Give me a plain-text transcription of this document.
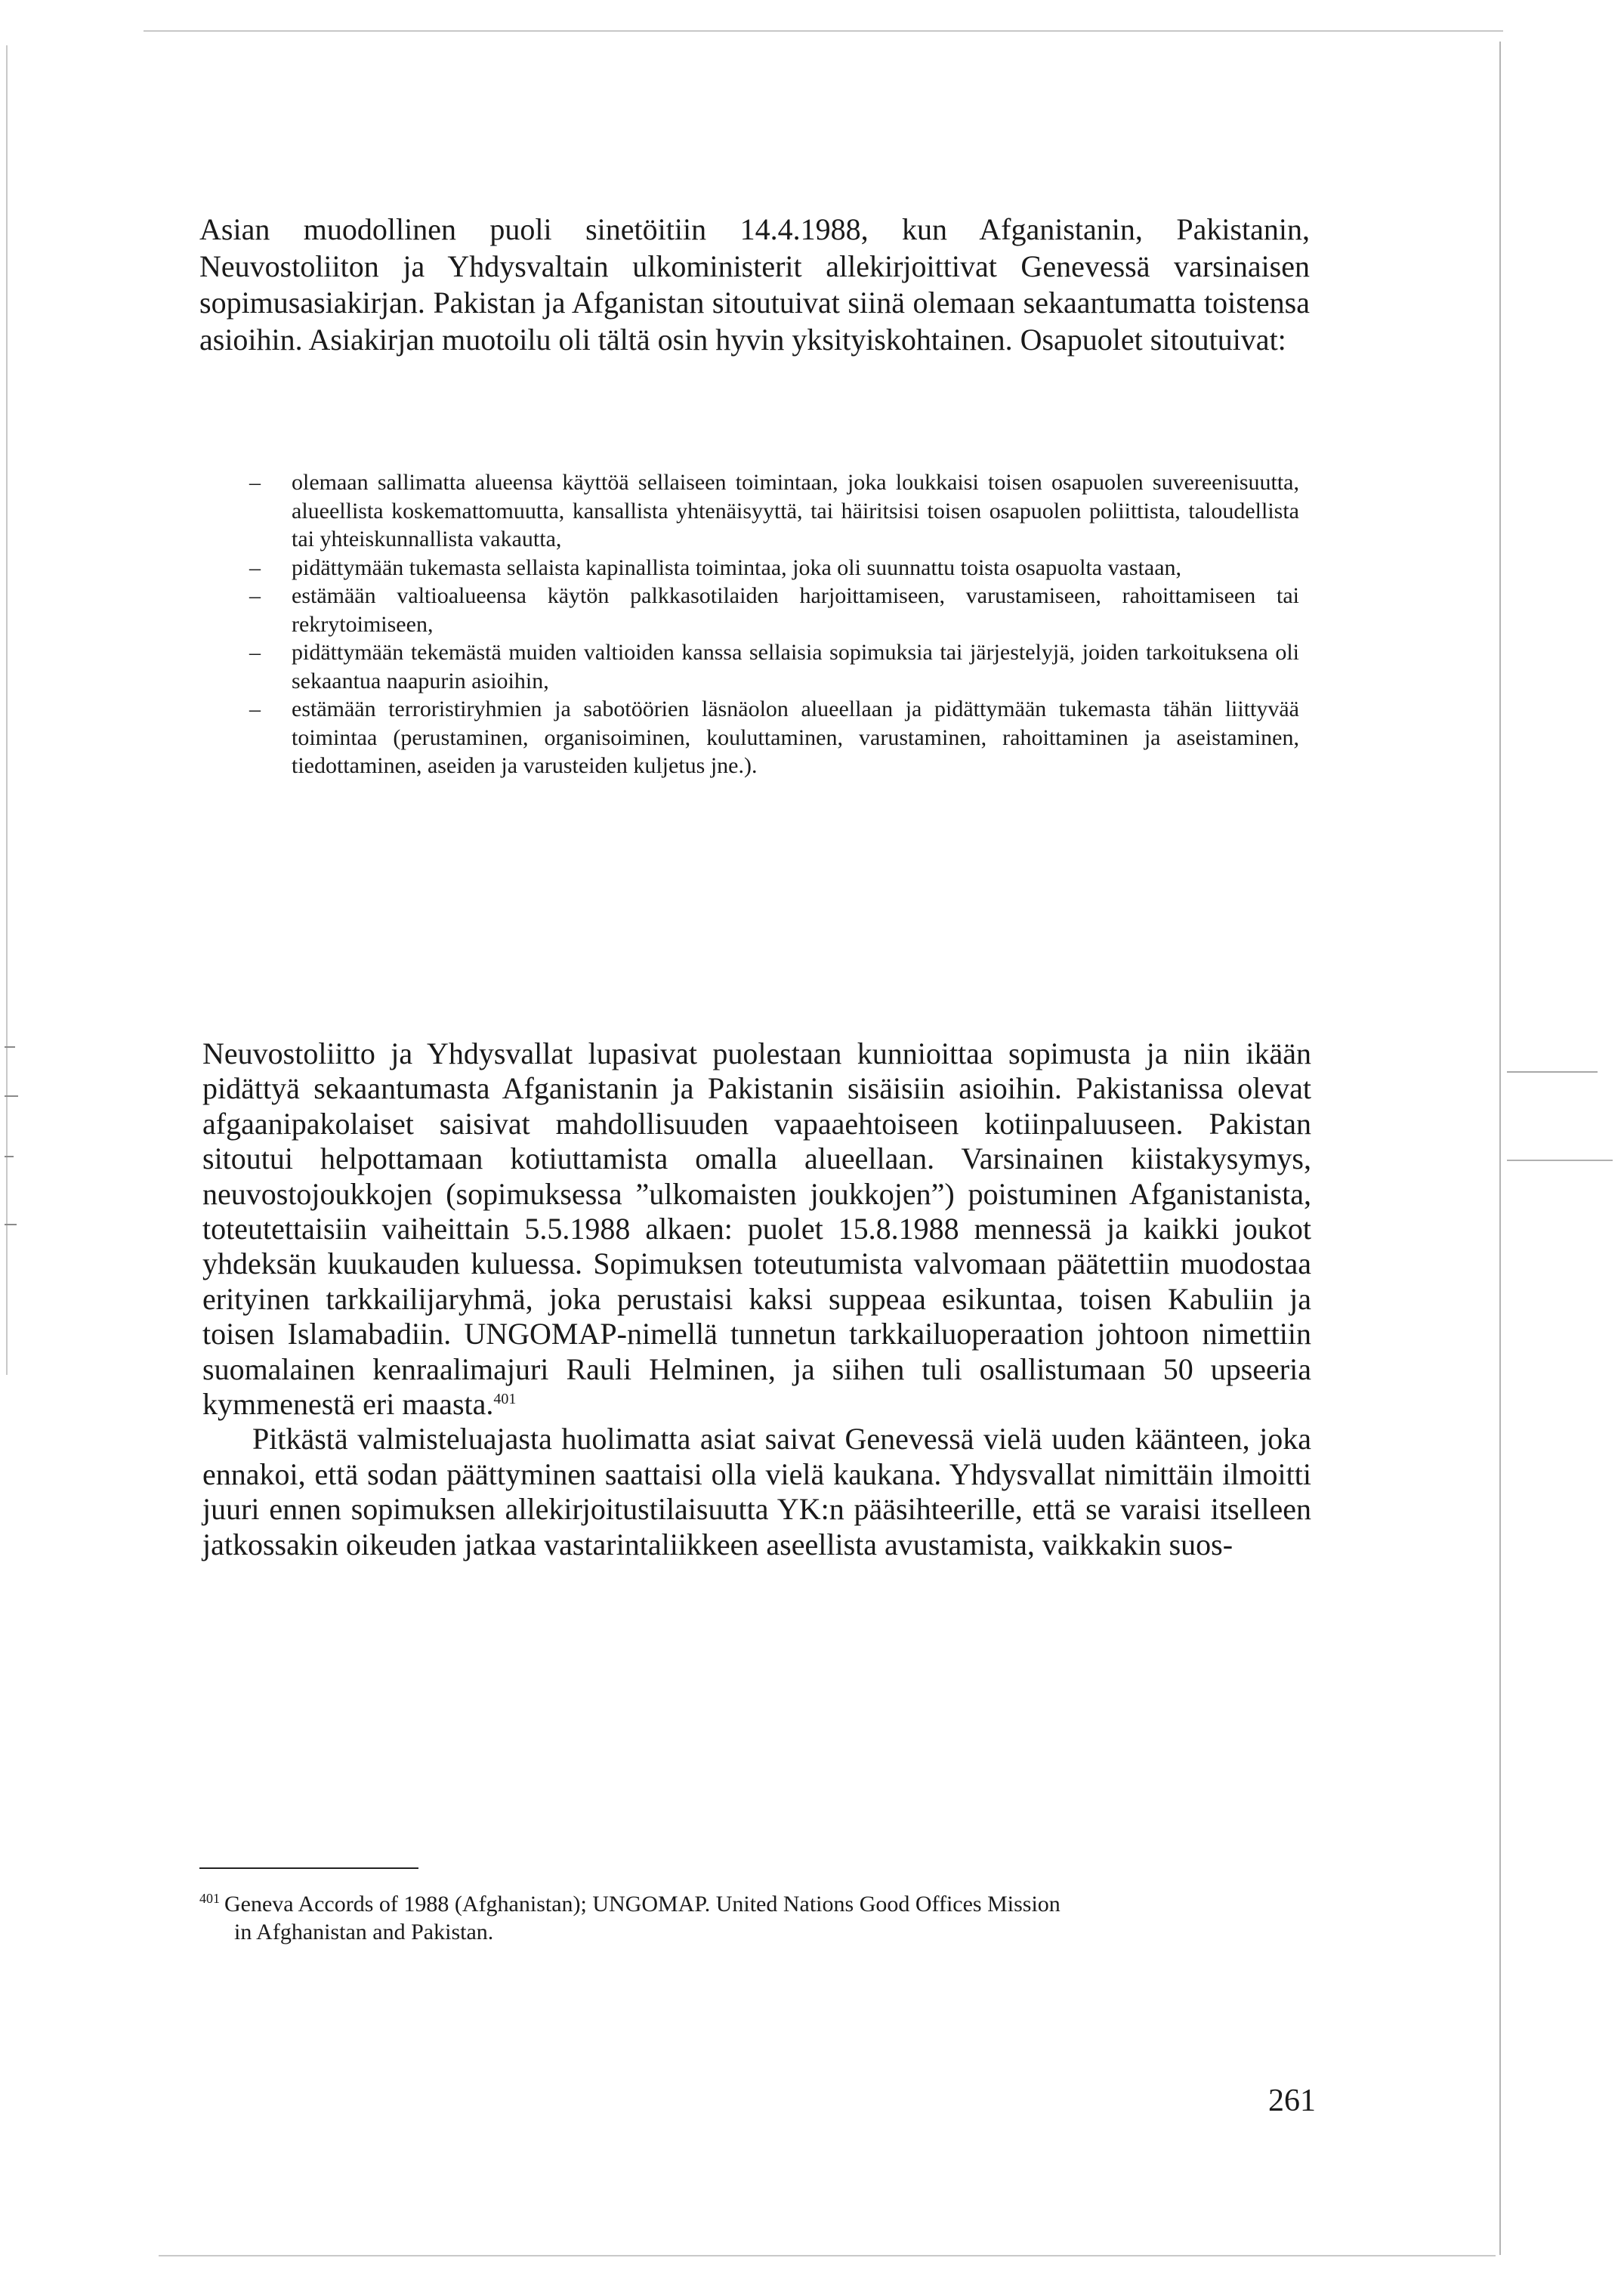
Asian muodollinen puoli sinetöitiin 14.4.1988, kun Afganistanin, Pakistanin, Neuvostoliiton ja Yhdysvaltain ulkoministerit allekirjoittivat Genevessä varsinaisen sopimusasiakirjan. Pakistan ja Afganistan sitoutuivat siinä olemaan sekaantumatta toistensa asioihin. Asiakirjan muotoilu oli tältä osin hyvin yksityiskohtainen. Osapuolet sitoutuivat:

– olemaan sallimatta alueensa käyttöä sellaiseen toimintaan, joka loukkaisi toisen osapuolen suvereenisuutta, alueellista koskemattomuutta, kansallista yhtenäisyyttä, tai häiritsisi toisen osapuolen poliittista, taloudellista tai yhteiskunnallista vakautta,
– pidättymään tukemasta sellaista kapinallista toimintaa, joka oli suunnattu toista osapuolta vastaan,
– estämään valtioalueensa käytön palkkasotilaiden harjoittamiseen, varustamiseen, rahoittamiseen tai rekrytoimiseen,
– pidättymään tekemästä muiden valtioiden kanssa sellaisia sopimuksia tai järjestelyjä, joiden tarkoituksena oli sekaantua naapurin asioihin,
– estämään terroristiryhmien ja sabotöörien läsnäolon alueellaan ja pidättymään tukemasta tähän liittyvää toimintaa (perustaminen, organisoiminen, kouluttaminen, varustaminen, rahoittaminen ja aseistaminen, tiedottaminen, aseiden ja varusteiden kuljetus jne.).

Neuvostoliitto ja Yhdysvallat lupasivat puolestaan kunnioittaa sopimusta ja niin ikään pidättyä sekaantumasta Afganistanin ja Pakistanin sisäisiin asioihin. Pakistanissa olevat afgaanipakolaiset saisivat mahdollisuuden vapaaehtoiseen kotiinpaluuseen. Pakistan sitoutui helpottamaan kotiuttamista omalla alueellaan. Varsinainen kiistakysymys, neuvostojoukkojen (sopimuksessa ”ulkomaisten joukkojen”) poistuminen Afganistanista, toteutettaisiin vaiheittain 5.5.1988 alkaen: puolet 15.8.1988 mennessä ja kaikki joukot yhdeksän kuukauden kuluessa. Sopimuksen toteutumista valvomaan päätettiin muodostaa erityinen tarkkailijaryhmä, joka perustaisi kaksi suppeaa esikuntaa, toisen Kabuliin ja toisen Islamabadiin. UNGOMAP-nimellä tunnetun tarkkailuoperaation johtoon nimettiin suomalainen kenraalimajuri Rauli Helminen, ja siihen tuli osallistumaan 50 upseeria kymmenestä eri maasta.$^{401}$

Pitkästä valmisteluajasta huolimatta asiat saivat Genevessä vielä uuden käänteen, joka ennakoi, että sodan päättyminen saattaisi olla vielä kaukana. Yhdysvallat nimittäin ilmoitti juuri ennen sopimuksen allekirjoitustilaisuutta YK:n pääsihteerille, että se varaisi itselleen jatkossakin oikeuden jatkaa vastarintaliikkeen aseellista avustamista, vaikkakin suos-

$^{401}$ Geneva Accords of 1988 (Afghanistan); UNGOMAP. United Nations Good Offices Mission
in Afghanistan and Pakistan.
261
